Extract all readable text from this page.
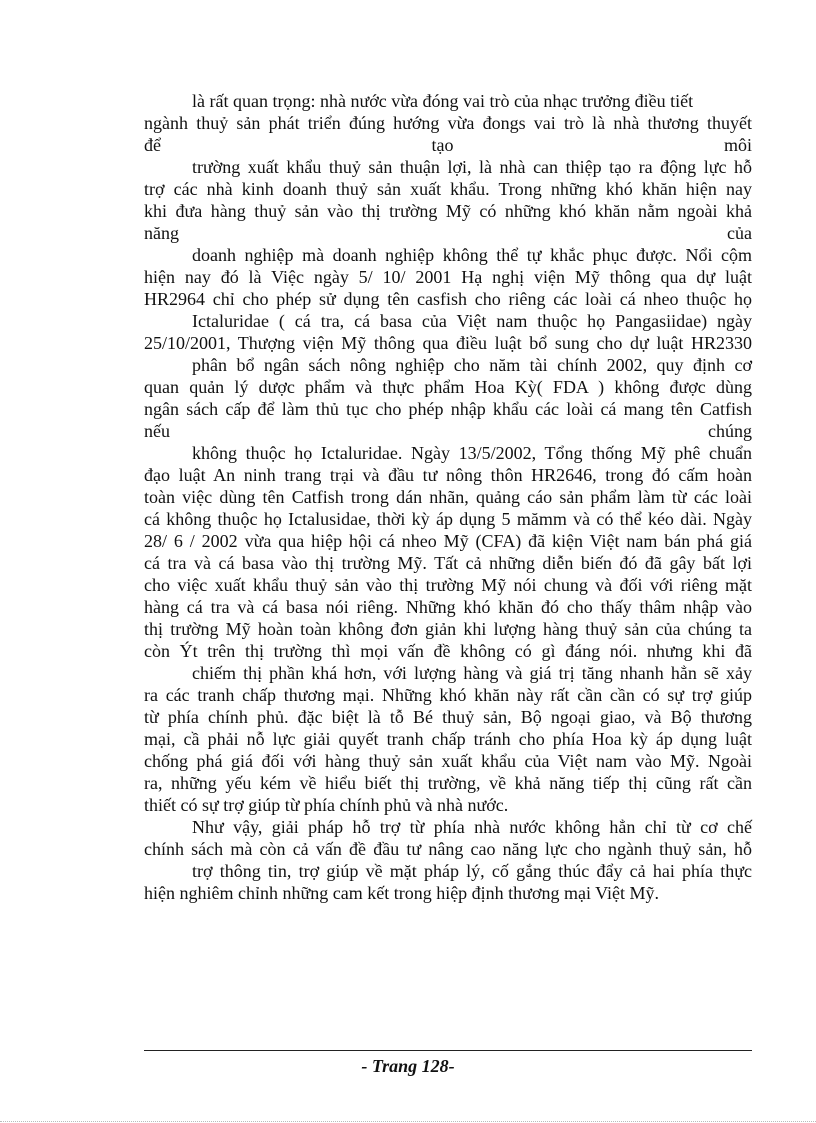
là rất quan trọng: nhà nước vừa đóng vai trò của nhạc trưởng điều tiết
ngành thuỷ sản phát triển đúng hướng vừa đongs vai trò là nhà thương thuyết
để	tạo	môi
trường xuất khẩu thuỷ sản thuận lợi, là nhà can thiệp tạo ra động lực hỗ
trợ các nhà kinh doanh thuỷ sản xuất khẩu. Trong những khó khăn hiện nay
khi đưa hàng thuỷ sản vào thị trường Mỹ có những khó khăn nằm ngoài khả
năng	của
doanh nghiệp mà doanh nghiệp không thể tự khắc phục được. Nổi cộm
hiện nay đó là Việc ngày 5/ 10/ 2001 Hạ nghị viện Mỹ thông qua dự luật
HR2964 chỉ cho phép sử dụng tên casfish cho riêng các loài cá nheo thuộc họ
Ictaluridae ( cá tra, cá basa của Việt nam thuộc họ Pangasiidae) ngày
25/10/2001, Thượng viện Mỹ thông qua điều luật bổ sung cho dự luật HR2330
phân bổ ngân sách nông nghiệp cho năm tài chính 2002, quy định cơ
quan quản lý dược phẩm và thực phẩm Hoa Kỳ( FDA ) không được dùng
ngân sách cấp để làm thủ tục cho phép nhập khẩu các loài cá mang tên Catfish
nếu	chúng
không thuộc họ Ictaluridae. Ngày 13/5/2002, Tổng thống Mỹ phê chuẩn
đạo luật An ninh trang trại và đầu tư nông thôn HR2646, trong đó cấm hoàn
toàn việc dùng tên Catfish trong dán nhãn, quảng cáo sản phẩm làm từ các loài
cá không thuộc họ Ictalusidae, thời kỳ áp dụng 5 mămm và có thể kéo dài. Ngày
28/ 6 / 2002 vừa qua hiệp hội cá nheo Mỹ (CFA) đã kiện Việt nam bán phá giá
cá tra và cá basa vào thị trường Mỹ. Tất cả những diễn biến đó đã gây bất lợi
cho việc xuất khẩu thuỷ sản vào thị trường Mỹ nói chung và đối với riêng mặt
hàng cá tra và cá basa nói riêng. Những khó khăn đó cho thấy thâm nhập vào
thị trường Mỹ hoàn toàn không đơn giản khi lượng hàng thuỷ sản của chúng ta
còn Ýt trên thị trường thì mọi vấn đề không có gì đáng nói. nhưng khi đã
chiếm thị phần khá hơn, với lượng hàng và giá trị tăng nhanh hẳn sẽ xảy
ra các tranh chấp thương mại. Những khó khăn này rất cần cần có sự trợ giúp
từ phía chính phủ. đặc biệt là tỗ Bé thuỷ sản, Bộ ngoại giao, và Bộ thương
mại, cầ phải nỗ lực giải quyết tranh chấp tránh cho phía Hoa kỳ áp dụng luật
chống phá giá đối với hàng thuỷ sản xuất khẩu của Việt nam vào Mỹ. Ngoài
ra, những yếu kém về hiểu biết thị trường, về khả năng tiếp thị cũng rất cần
thiết có sự trợ giúp từ phía chính phủ và nhà nước.
Như vậy, giải pháp hỗ trợ từ phía nhà nước không hẳn chỉ từ cơ chế
chính sách mà còn cả vấn đề đầu tư nâng cao năng lực cho ngành thuỷ sản, hỗ
trợ thông tin, trợ giúp về mặt pháp lý, cố gắng thúc đẩy cả hai phía thực
hiện nghiêm chỉnh những cam kết trong hiệp định thương mại Việt Mỹ.
- Trang 128-
